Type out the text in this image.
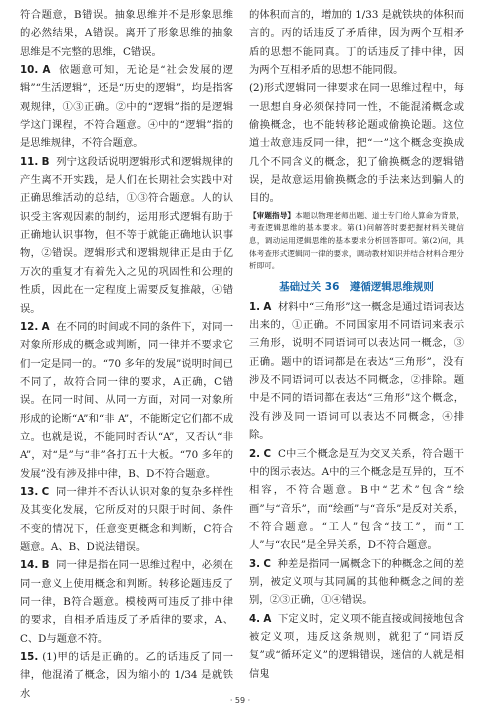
符合题意，B错误。抽象思维并不是形象思维的必然结果，A错误。离开了形象思维的抽象思维是不完整的思维，C错误。

10. A 依题意可知，无论是“社会发展的逻辑”“生活逻辑”，还是“历史的逻辑”，均是指客观规律，①③正确。②中的“逻辑”指的是逻辑学这门课程，不符合题意。④中的“逻辑”指的是思维规律，不符合题意。

11. B 列宁这段话说明逻辑形式和逻辑规律的产生离不开实践，是人们在长期社会实践中对正确思维活动的总结，①③符合题意。人的认识受主客观因素的制约，运用形式逻辑有助于正确地认识事物，但不等于就能正确地认识事物，②错误。逻辑形式和逻辑规律正是由于亿万次的重复才有着先入之见的巩固性和公理的性质，因此在一定程度上需要反复推敲，④错误。

12. A 在不同的时间或不同的条件下，对同一对象所形成的概念或判断，同一律并不要求它们一定是同一的。“70 多年的发展”说明时间已不同了，故符合同一律的要求，A正确，C错误。在同一时间、从同一方面，对同一对象所形成的论断“A”和“非 A”，不能断定它们都不成立。也就是说，不能同时否认“A”，又否认“非 A”，对“是”与“非”各打五十大板。“70 多年的发展”没有涉及排中律，B、D不符合题意。

13. C 同一律并不否认认识对象的复杂多样性及其变化发展，它所反对的只限于时间、条件不变的情况下，任意变更概念和判断，C符合题意。A、B、D说法错误。

14. B 同一律是指在同一思维过程中，必须在同一意义上使用概念和判断。转移论题违反了同一律，B符合题意。模棱两可违反了排中律的要求，自相矛盾违反了矛盾律的要求，A、C、D与题意不符。

15. (1)甲的话是正确的。乙的话违反了同一律，他混淆了概念，因为缩小的 1/34 是就铁水

的体积而言的，增加的 1/33 是就铁块的体积而言的。丙的话违反了矛盾律，因为两个互相矛盾的思想不能同真。丁的话违反了排中律，因为两个互相矛盾的思想不能同假。

(2)形式逻辑同一律要求在同一思维过程中，每一思想自身必须保持同一性，不能混淆概念或偷换概念，也不能转移论题或偷换论题。这位道士故意违反同一律，把“一”这个概念变换成几个不同含义的概念，犯了偷换概念的逻辑错误，是故意运用偷换概念的手法来达到骗人的目的。

【审题指导】本题以物理老师出题、道士专门给人算命为背景，考查逻辑思维的基本要求。第(1)问解答时要把握材料关键信息，调动运用逻辑思维的基本要求分析回答即可。第(2)问，具体考查形式逻辑同一律的要求，调动教材知识并结合材料合理分析即可。

基础过关 36　遵循逻辑思维规则

1. A 材料中“三角形”这一概念是通过语词表达出来的，①正确。不同国家用不同语词来表示三角形，说明不同语词可以表达同一概念，③正确。题中的语词都是在表达“三角形”，没有涉及不同语词可以表达不同概念，②排除。题中是不同的语词都在表达“三角形”这个概念，没有涉及同一语词可以表达不同概念，④排除。

2. C C中三个概念是互为交叉关系，符合题干中的图示表达。A中的三个概念是互异的，互不相容，不符合题意。B中“艺术”包含“绘画”与“音乐”，而“绘画”与“音乐”是反对关系，不符合题意。“工人”包含“技工”，而“工人”与“农民”是全异关系，D不符合题意。

3. C 种差是指同一属概念下的种概念之间的差别，被定义项与其同属的其他种概念之间的差别，②③正确，①④错误。

4. A 下定义时，定义项不能直接或间接地包含被定义项，违反这条规则，就犯了“同语反复”或“循环定义”的逻辑错误，迷信的人就是相信鬼

· 59 ·
